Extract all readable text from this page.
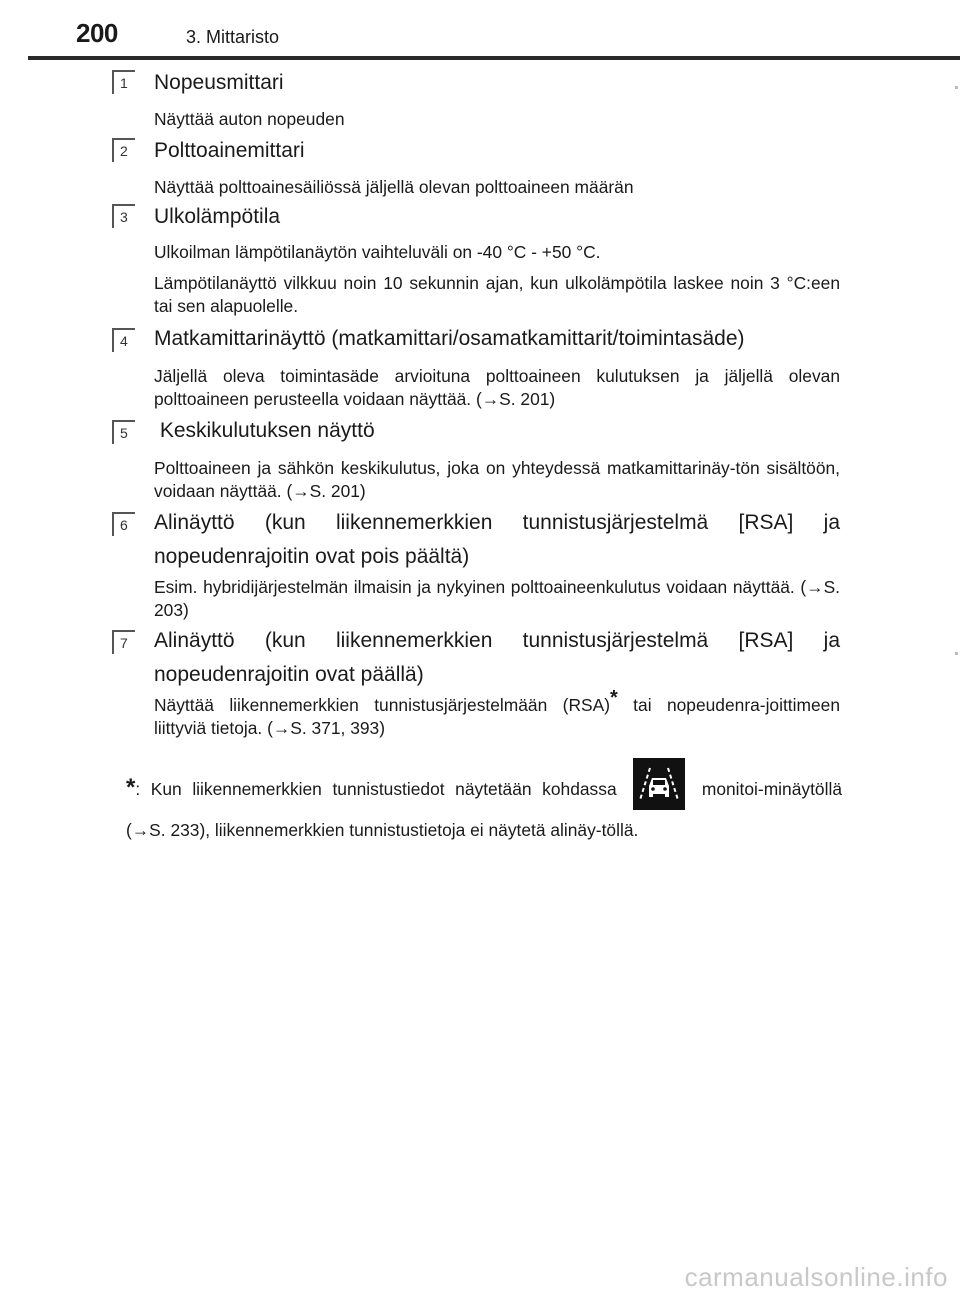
200	3. Mittaristo
1	Nopeusmittari
Näyttää auton nopeuden
2	Polttoainemittari
Näyttää polttoainesäiliössä jäljellä olevan polttoaineen määrän
3	Ulkolämpötila
Ulkoilman lämpötilanäytön vaihteluväli on -40 °C - +50 °C.
Lämpötilanäyttö vilkkuu noin 10 sekunnin ajan, kun ulkolämpötila laskee noin 3 °C:een tai sen alapuolelle.
4	Matkamittarinäyttö (matkamittari/osamatkamittarit/toimintasäde)
Jäljellä oleva toimintasäde arvioituna polttoaineen kulutuksen ja jäljellä olevan polttoaineen perusteella voidaan näyttää. (→S. 201)
5	Keskikulutuksen näyttö
Polttoaineen ja sähkön keskikulutus, joka on yhteydessä matkamittarinäy-tön sisältöön, voidaan näyttää. (→S. 201)
6	Alinäyttö (kun liikennemerkkien tunnistusjärjestelmä [RSA] ja nopeudenrajoitin ovat pois päältä)
Esim. hybridijärjestelmän ilmaisin ja nykyinen polttoaineenkulutus voidaan näyttää. (→S. 203)
7	Alinäyttö (kun liikennemerkkien tunnistusjärjestelmä [RSA] ja nopeudenrajoitin ovat päällä)
Näyttää liikennemerkkien tunnistusjärjestelmään (RSA)* tai nopeudenra-joittimeen liittyviä tietoja. (→S. 371, 393)
*: Kun liikennemerkkien tunnistustiedot näytetään kohdassa	monitoi-minäytöllä (→S. 233), liikennemerkkien tunnistustietoja ei näytetä alinäy-töllä.
carmanualsonline.info
